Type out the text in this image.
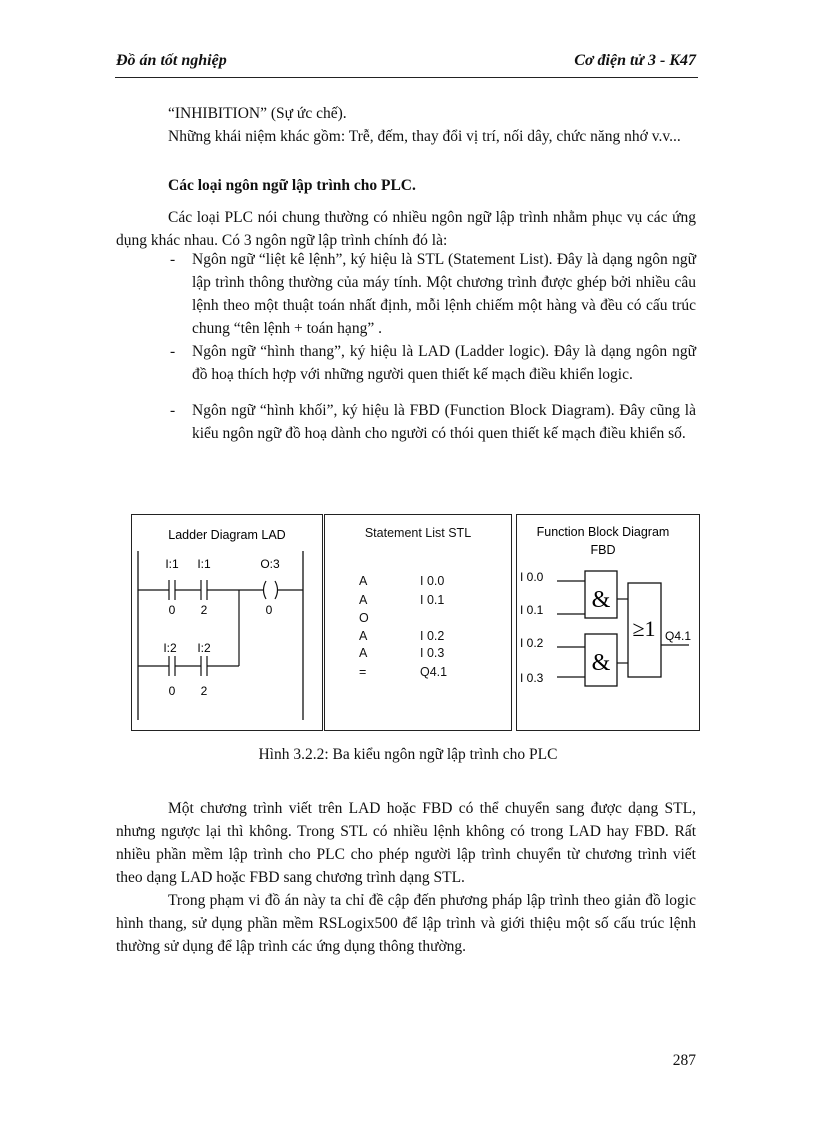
Đồ án tốt nghiệp	Cơ điện tử 3 - K47
“INHIBITION” (Sự ức chế).
Những khái niệm khác gồm: Trễ, đếm, thay đổi vị trí, nối dây, chức năng nhớ v.v...
Các loại ngôn ngữ lập trình cho PLC.
Các loại PLC nói chung thường có nhiều ngôn ngữ lập trình nhằm phục vụ các ứng dụng khác nhau. Có 3 ngôn ngữ lập trình chính đó là:
- Ngôn ngữ “liệt kê lệnh”, ký hiệu là STL (Statement List). Đây là dạng ngôn ngữ lập trình thông thường của máy tính. Một chương trình được ghép bởi nhiều câu lệnh theo một thuật toán nhất định, mỗi lệnh chiếm một hàng và đều có cấu trúc chung “tên lệnh + toán hạng” .
- Ngôn ngữ “hình thang”, ký hiệu là LAD (Ladder logic). Đây là dạng ngôn ngữ đồ hoạ thích hợp với những người quen thiết kế mạch điều khiển logic.
- Ngôn ngữ “hình khối”, ký hiệu là FBD (Function Block Diagram). Đây cũng là kiểu ngôn ngữ đồ hoạ dành cho người có thói quen thiết kế mạch điều khiển số.
Ladder Diagram LAD
I:1 I:1	O:3
0 2	0
I:2 I:2
0 2
Statement List STL
A	I 0.0
A	I 0.1
O
A	I 0.2
A	I 0.3
=	Q4.1
Function Block Diagram
FBD
I 0.0
I 0.1
I 0.2
I 0.3
&
&
≥1 Q4.1
Hình 3.2.2: Ba kiểu ngôn ngữ lập trình cho PLC
Một chương trình viết trên LAD hoặc FBD có thể chuyển sang được dạng STL, nhưng ngược lại thì không. Trong STL có nhiều lệnh không có trong LAD hay FBD. Rất nhiều phần mềm lập trình cho PLC cho phép người lập trình chuyển từ chương trình viết theo dạng LAD hoặc FBD sang chương trình dạng STL.
Trong phạm vi đồ án này ta chỉ đề cập đến phương pháp lập trình theo giản đồ logic hình thang, sử dụng phần mềm RSLogix500 để lập trình và giới thiệu một số cấu trúc lệnh thường sử dụng để lập trình các ứng dụng thông thường.
287
